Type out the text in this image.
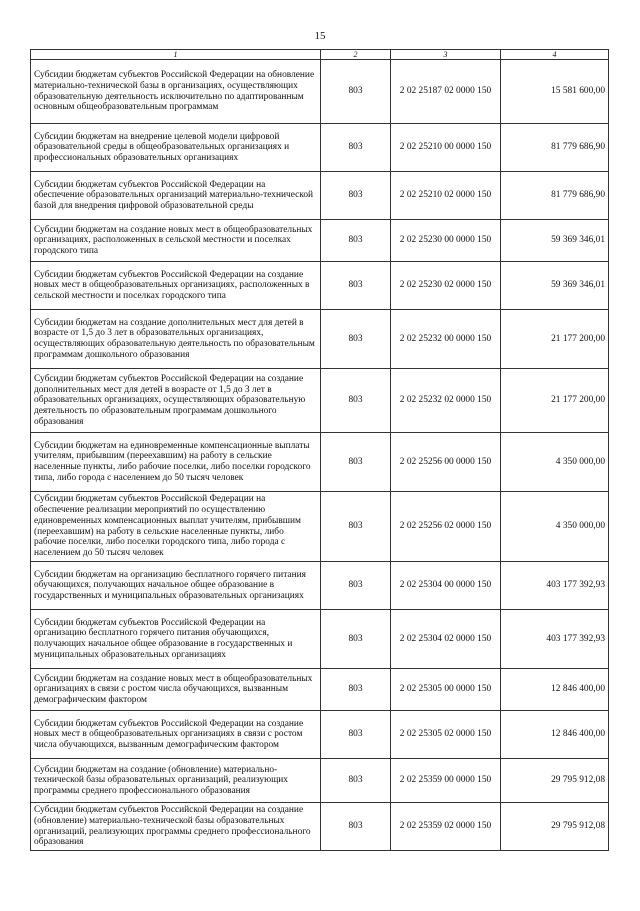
15
1	2	3	4
Субсидии бюджетам субъектов Российской Федерации на обновление материально-технической базы в организациях, осуществляющих образовательную деятельность исключительно по адаптированным основным общеобразовательным программам	803	2 02 25187 02 0000 150	15 581 600,00
Субсидии бюджетам на внедрение целевой модели цифровой образовательной среды в общеобразовательных организациях и профессиональных образовательных организациях	803	2 02 25210 00 0000 150	81 779 686,90
Субсидии бюджетам субъектов Российской Федерации на обеспечение образовательных организаций материально-технической базой для внедрения цифровой образовательной среды	803	2 02 25210 02 0000 150	81 779 686,90
Субсидии бюджетам на создание новых мест в общеобразовательных организациях, расположенных в сельской местности и поселках городского типа	803	2 02 25230 00 0000 150	59 369 346,01
Субсидии бюджетам субъектов Российской Федерации на создание новых мест в общеобразовательных организациях, расположенных в сельской местности и поселках городского типа	803	2 02 25230 02 0000 150	59 369 346,01
Субсидии бюджетам на создание дополнительных мест для детей в возрасте от 1,5 до 3 лет в образовательных организациях, осуществляющих образовательную деятельность по образовательным программам дошкольного образования	803	2 02 25232 00 0000 150	21 177 200,00
Субсидии бюджетам субъектов Российской Федерации на создание дополнительных мест для детей в возрасте от 1,5 до 3 лет в образовательных организациях, осуществляющих образовательную деятельность по образовательным программам дошкольного образования	803	2 02 25232 02 0000 150	21 177 200,00
Субсидии бюджетам на единовременные компенсационные выплаты учителям, прибывшим (переехавшим) на работу в сельские населенные пункты, либо рабочие поселки, либо поселки городского типа, либо города с населением до 50 тысяч человек	803	2 02 25256 00 0000 150	4 350 000,00
Субсидии бюджетам субъектов Российской Федерации на обеспечение реализации мероприятий по осуществлению единовременных компенсационных выплат учителям, прибывшим (переехавшим) на работу в сельские населенные пункты, либо рабочие поселки, либо поселки городского типа, либо города с населением до 50 тысяч человек	803	2 02 25256 02 0000 150	4 350 000,00
Субсидии бюджетам на организацию бесплатного горячего питания обучающихся, получающих начальное общее образование в государственных и муниципальных образовательных организациях	803	2 02 25304 00 0000 150	403 177 392,93
Субсидии бюджетам субъектов Российской Федерации на организацию бесплатного горячего питания обучающихся, получающих начальное общее образование в государственных и муниципальных образовательных организациях	803	2 02 25304 02 0000 150	403 177 392,93
Субсидии бюджетам на создание новых мест в общеобразовательных организациях в связи с ростом числа обучающихся, вызванным демографическим фактором	803	2 02 25305 00 0000 150	12 846 400,00
Субсидии бюджетам субъектов Российской Федерации на создание новых мест в общеобразовательных организациях в связи с ростом числа обучающихся, вызванным демографическим фактором	803	2 02 25305 02 0000 150	12 846 400,00
Субсидии бюджетам на создание (обновление) материально-технической базы образовательных организаций, реализующих программы среднего профессионального образования	803	2 02 25359 00 0000 150	29 795 912,08
Субсидии бюджетам субъектов Российской Федерации на создание (обновление) материально-технической базы образовательных организаций, реализующих программы среднего профессионального образования	803	2 02 25359 02 0000 150	29 795 912,08
